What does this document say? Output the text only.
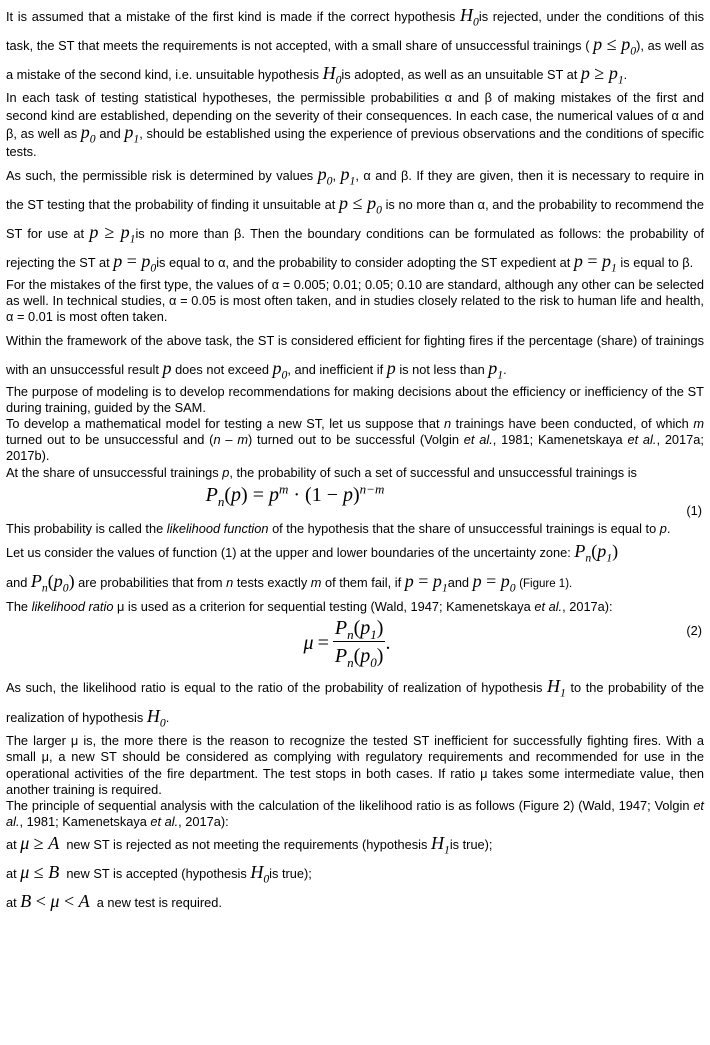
It is assumed that a mistake of the first kind is made if the correct hypothesis $H_0is$ rejected, under the conditions of this task, the ST that meets the requirements is not accepted, with a small share of unsuccessful trainings ( $p \le p_0$), as well as a mistake of the second kind, i.e. unsuitable hypothesis $H_0is$ adopted, as well as an unsuitable ST at $p \ge p_1$.

In each task of testing statistical hypotheses, the permissible probabilities α and β of making mistakes of the first and second kind are established, depending on the severity of their consequences. In each case, the numerical values of α and β, as well as $p_0$ and $p_1$, should be established using the experience of previous observations and the conditions of specific tests.

As such, the permissible risk is determined by values $p_0$, $p_1$, α and β. If they are given, then it is necessary to require in the ST testing that the probability of finding it unsuitable at $p \le p_0$ is no more than α, and the probability to recommend the ST for use at $p \ge p_1is$ no more than β. Then the boundary conditions can be formulated as follows: the probability of rejecting the ST at $p = p_0is$ equal to α, and the probability to consider adopting the ST expedient at $p = p_1$ is equal to β.

For the mistakes of the first type, the values of α = 0.005; 0.01; 0.05; 0.10 are standard, although any other can be selected as well. In technical studies, α = 0.05 is most often taken, and in studies closely related to the risk to human life and health, α = 0.01 is most often taken.

Within the framework of the above task, the ST is considered efficient for fighting fires if the percentage (share) of trainings with an unsuccessful result p does not exceed $p_0$, and inefficient if p is not less than $p_1$.

The purpose of modeling is to develop recommendations for making decisions about the efficiency or inefficiency of the ST during training, guided by the SAM.

To develop a mathematical model for testing a new ST, let us suppose that n trainings have been conducted, of which m turned out to be unsuccessful and (n – m) turned out to be successful (Volgin et al., 1981; Kamenetskaya et al., 2017a; 2017b).

At the share of unsuccessful trainings p, the probability of such a set of successful and unsuccessful trainings is

$P_n(p) = p^m \cdot (1 - p)^{n-m}$
(1)

This probability is called the likelihood function of the hypothesis that the share of unsuccessful trainings is equal to p.

Let us consider the values of function (1) at the upper and lower boundaries of the uncertainty zone: $P_n(p_1)$

and $P_n(p_0)$ are probabilities that from n tests exactly m of them fail, if $p = p_1and$ $p = p_0$ (Figure 1).

The likelihood ratio μ is used as a criterion for sequential testing (Wald, 1947; Kamenetskaya et al., 2017a):

$\mu = \frac{P_n(p_1)}{P_n(p_0)}$ .
(2)

As such, the likelihood ratio is equal to the ratio of the probability of realization of hypothesis $H_1$ to the probability of the realization of hypothesis $H_0$.

The larger μ is, the more there is the reason to recognize the tested ST inefficient for successfully fighting fires. With a small μ, a new ST should be considered as complying with regulatory requirements and recommended for use in the operational activities of the fire department. The test stops in both cases. If ratio μ takes some intermediate value, then another training is required.

The principle of sequential analysis with the calculation of the likelihood ratio is as follows (Figure 2) (Wald, 1947; Volgin et al., 1981; Kamenetskaya et al., 2017a):

at μ ≥ A new ST is rejected as not meeting the requirements (hypothesis $H_1is$ true);

at μ ≤ B new ST is accepted (hypothesis $H_0is$ true);

at B < μ < A a new test is required.
